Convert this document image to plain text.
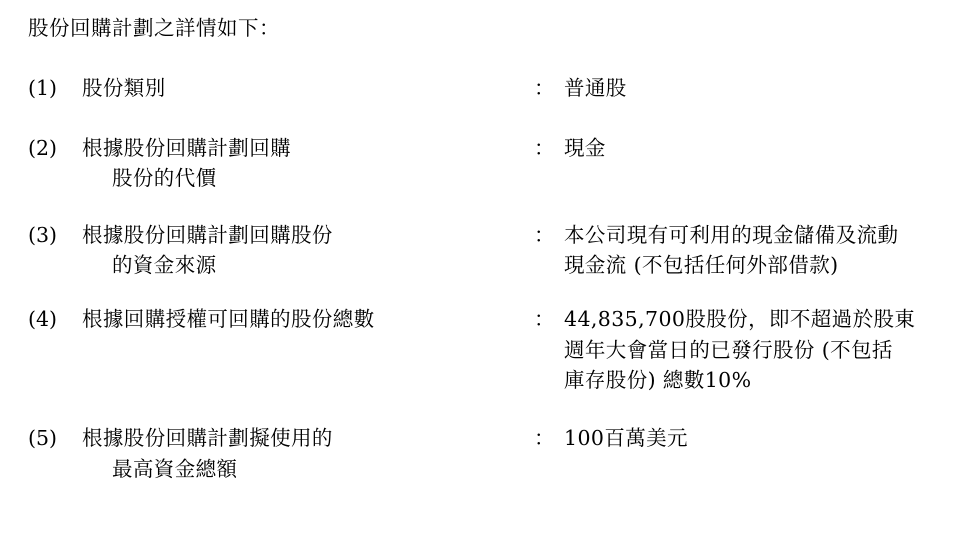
股份回購計劃之詳情如下：

(1)	股份類別	： 普通股
(2)	根據股份回購計劃回購
股份的代價
： 現金
(3)	根據股份回購計劃回購股份
的資金來源
： 本公司現有可利用的現金儲備及流動
現金流 (不包括任何外部借款)
(4)	根據回購授權可回購的股份總數	： 44,835,700股股份，即不超過於股東
週年大會當日的已發行股份 (不包括
庫存股份) 總數10%
(5)	根據股份回購計劃擬使用的
最高資金總額
： 100百萬美元
